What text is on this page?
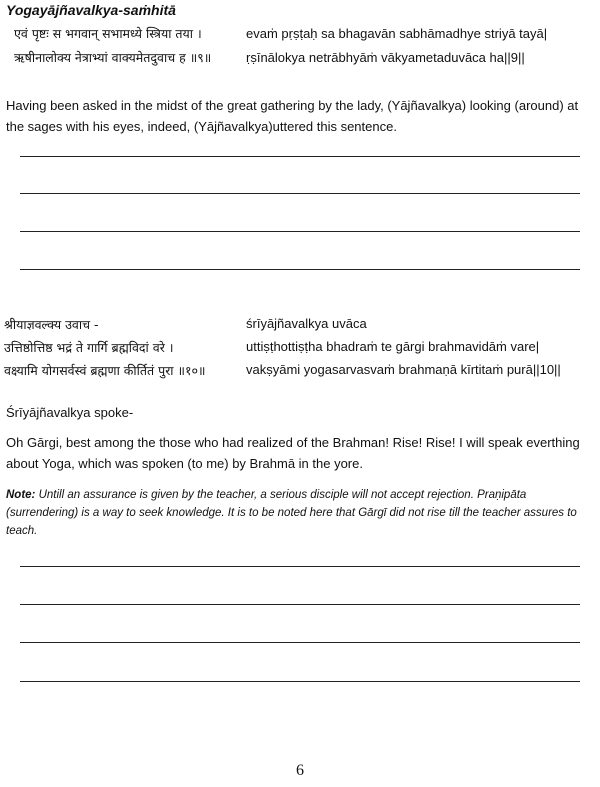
Yogayājñavalkya-saṁhitā
एवं पृष्टः स भगवान् सभामध्ये स्त्रिया तया ।	evaṁ pṛṣṭaḥ sa bhagavān sabhāmadhye striyā tayā|
ऋषीनालोक्य नेत्राभ्यां वाक्यमेतदुवाच ह ॥९॥	ṛṣīnālokya netrābhyāṁ vākyametaduvāca ha||9||
Having been asked in the midst of the great gathering by the lady, (Yājñavalkya) looking (around) at the sages with his eyes, indeed, (Yājñavalkya)uttered this sentence.
श्रीयाज्ञवल्क्य उवाच -	śrīyājñavalkya uvāca
उत्तिष्ठोत्तिष्ठ भद्रं ते गार्गि ब्रह्मविदां वरे ।	uttiṣṭhottiṣṭha bhadraṁ te gārgi brahmavidāṁ vare|
वक्ष्यामि योगसर्वस्वं ब्रह्मणा कीर्तितं पुरा ॥१०॥	vakṣyāmi yogasarvasvaṁ brahmaṇā kīrtitaṁ purā||10||
Śrīyājñavalkya spoke-
Oh Gārgi, best among the those who had realized of the Brahman! Rise! Rise! I will speak everthing about Yoga, which was spoken (to me) by Brahmā in the yore.
Note: Untill an assurance is given by the teacher, a serious disciple will not accept rejection. Praṇipāta (surrendering) is a way to seek knowledge. It is to be noted here that Gārgī did not rise till the teacher assures to teach.
6
